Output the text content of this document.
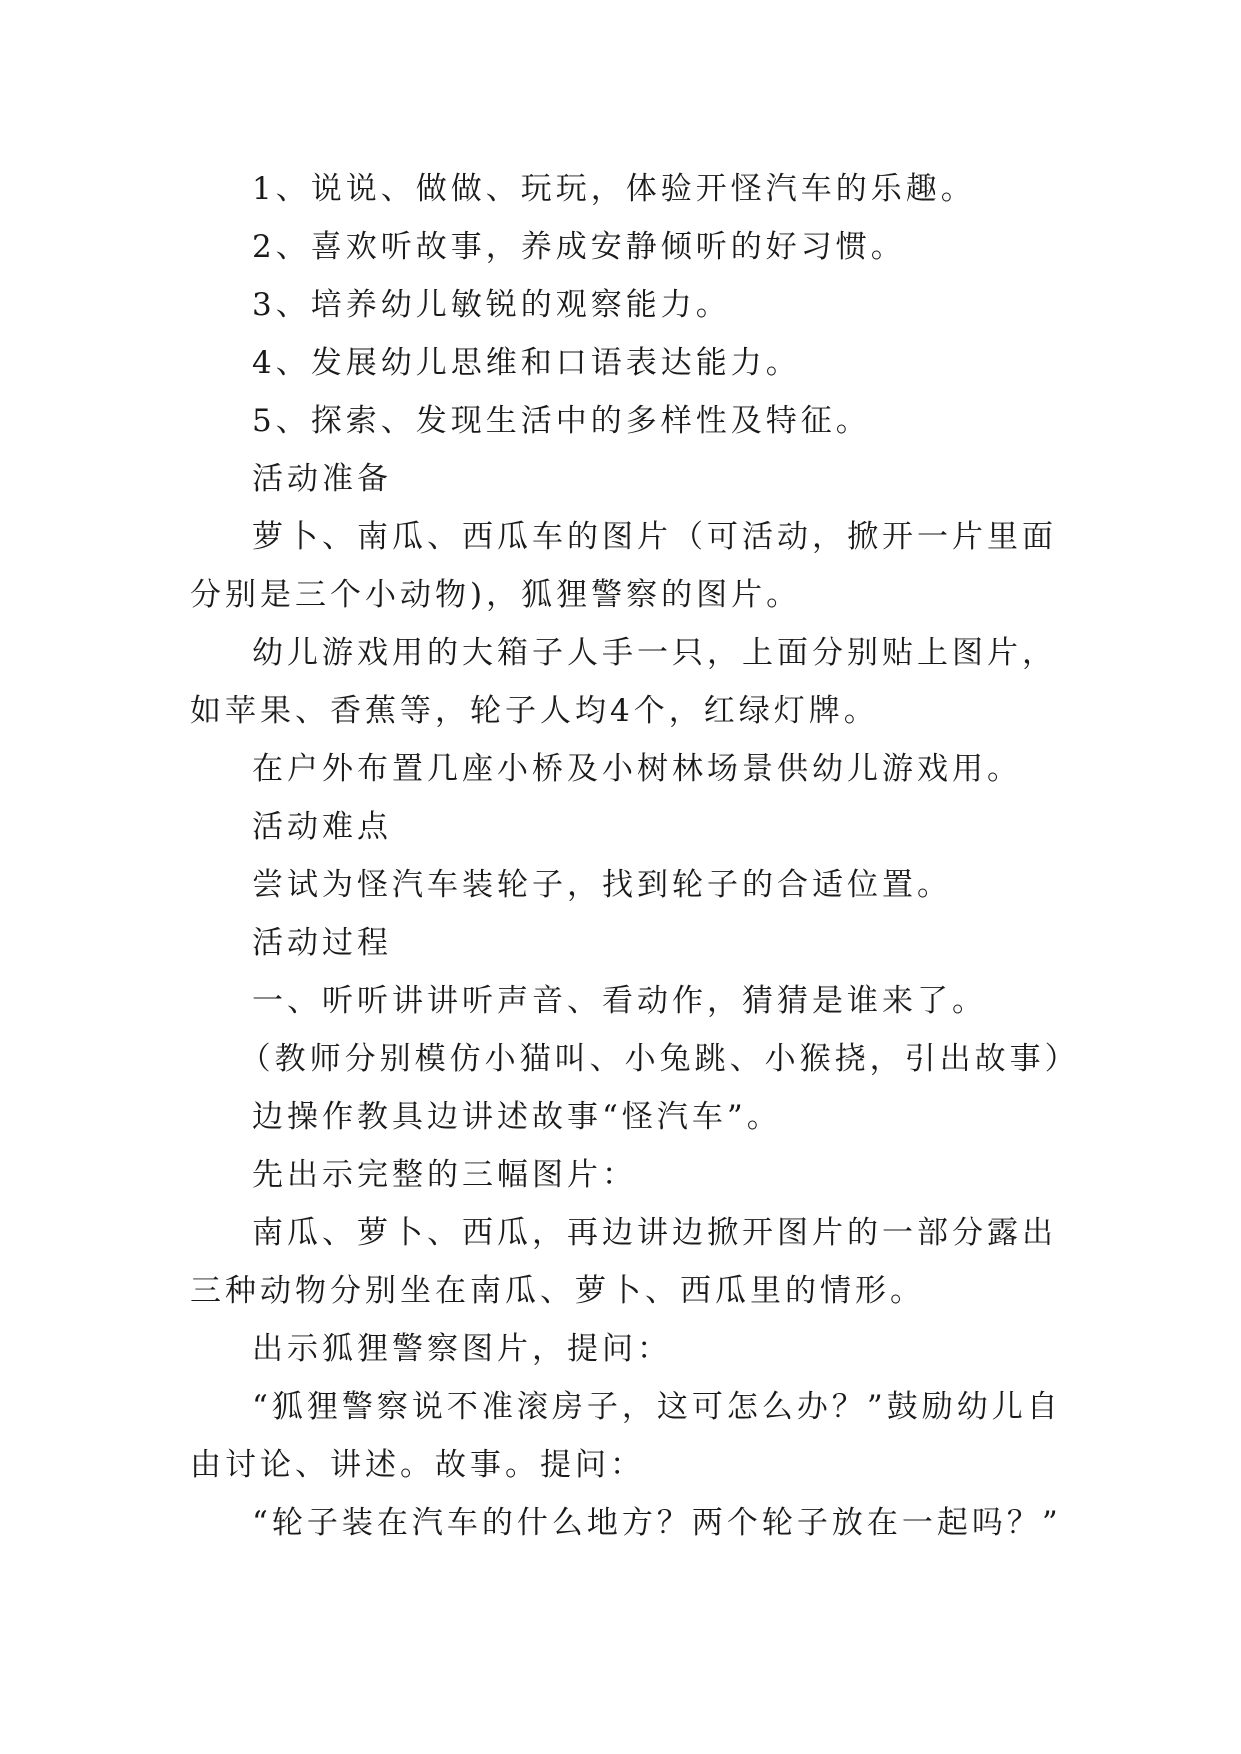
1、说说、做做、玩玩，体验开怪汽车的乐趣。

2、喜欢听故事，养成安静倾听的好习惯。

3、培养幼儿敏锐的观察能力。

4、发展幼儿思维和口语表达能力。

5、探索、发现生活中的多样性及特征。

活动准备

萝卜、南瓜、西瓜车的图片（可活动，掀开一片里面分别是三个小动物)，狐狸警察的图片。

幼儿游戏用的大箱子人手一只，上面分别贴上图片，如苹果、香蕉等，轮子人均4个，红绿灯牌。

在户外布置几座小桥及小树林场景供幼儿游戏用。

活动难点

尝试为怪汽车装轮子，找到轮子的合适位置。

活动过程

一、听听讲讲听声音、看动作，猜猜是谁来了。

（教师分别模仿小猫叫、小兔跳、小猴挠，引出故事）

边操作教具边讲述故事“怪汽车”。

先出示完整的三幅图片：

南瓜、萝卜、西瓜，再边讲边掀开图片的一部分露出三种动物分别坐在南瓜、萝卜、西瓜里的情形。

出示狐狸警察图片，提问：

“狐狸警察说不准滚房子，这可怎么办？”鼓励幼儿自由讨论、讲述。故事。提问：

“轮子装在汽车的什么地方？两个轮子放在一起吗？”
